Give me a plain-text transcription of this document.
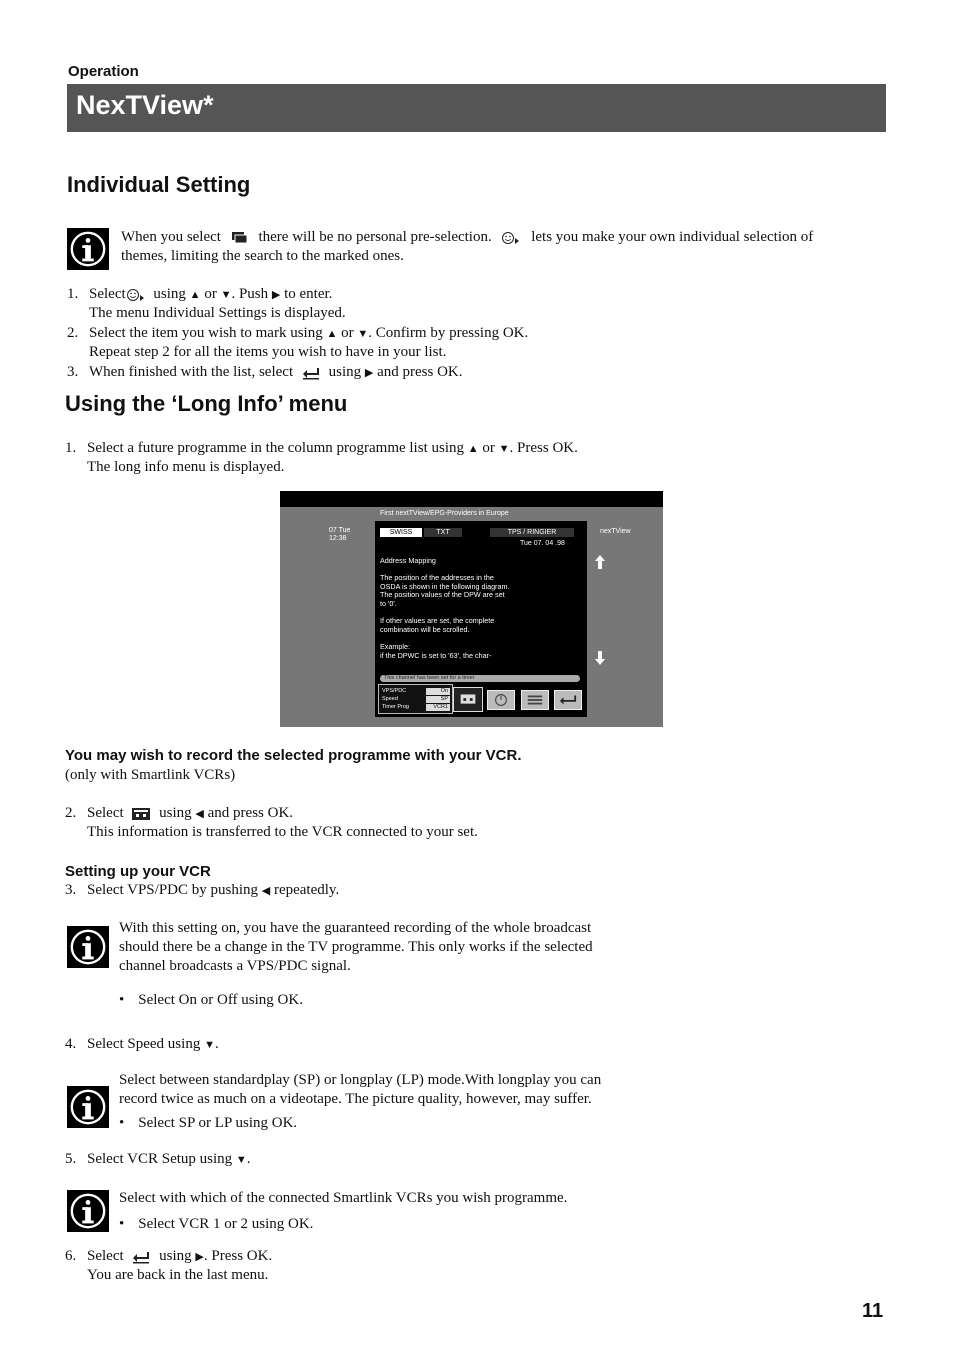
Operation
NexTView*
Individual Setting
When you select	there will be no personal pre-selection.	lets you make your own individual selection of
themes, limiting the search to the marked ones.
1. Select using ▲ or ▼. Push ▶ to enter.
The menu Individual Settings is displayed.
2. Select the item you wish to mark using ▲ or ▼. Confirm by pressing OK.
Repeat step 2 for all the items you wish to have in your list.
3. When finished with the list, select using ▶ and press OK.
Using the ‘Long Info’ menu
1. Select a future programme in the column programme list using ▲ or ▼. Press OK.
The long info menu is displayed.
First nextTView/EPG-Providers in Europe
07 Tue
12:38
nexTView
SWISS	TXT	TPS / RINGIER
Tue 07. 04 .98
Address Mapping
The position of the addresses in the
OSDA is shown in the following diagram.
The position values of the DPW are set
to '0'.
If other values are set, the complete
combination will be scrolled.
Example:
if the DPWC is set to '63', the char-
This channel has been set for a timer
VPS/PDC	On
Speed	SP
Timer Prog	VCR1
You may wish to record the selected programme with your VCR.
(only with Smartlink VCRs)
2. Select using ◀ and press OK.
This information is transferred to the VCR connected to your set.
Setting up your VCR
3. Select VPS/PDC by pushing ◀ repeatedly.
With this setting on, you have the guaranteed recording of the whole broadcast
should there be a change in the TV programme. This only works if the selected
channel broadcasts a VPS/PDC signal.
• Select On or Off using OK.
4. Select Speed using ▼.
Select between standardplay (SP) or longplay (LP) mode.With longplay you can
record twice as much on a videotape. The picture quality, however, may suffer.
• Select SP or LP using OK.
5. Select VCR Setup using ▼.
Select with which of the connected Smartlink VCRs you wish programme.
• Select VCR 1 or 2 using OK.
6. Select using ▶. Press OK.
You are back in the last menu.
11
